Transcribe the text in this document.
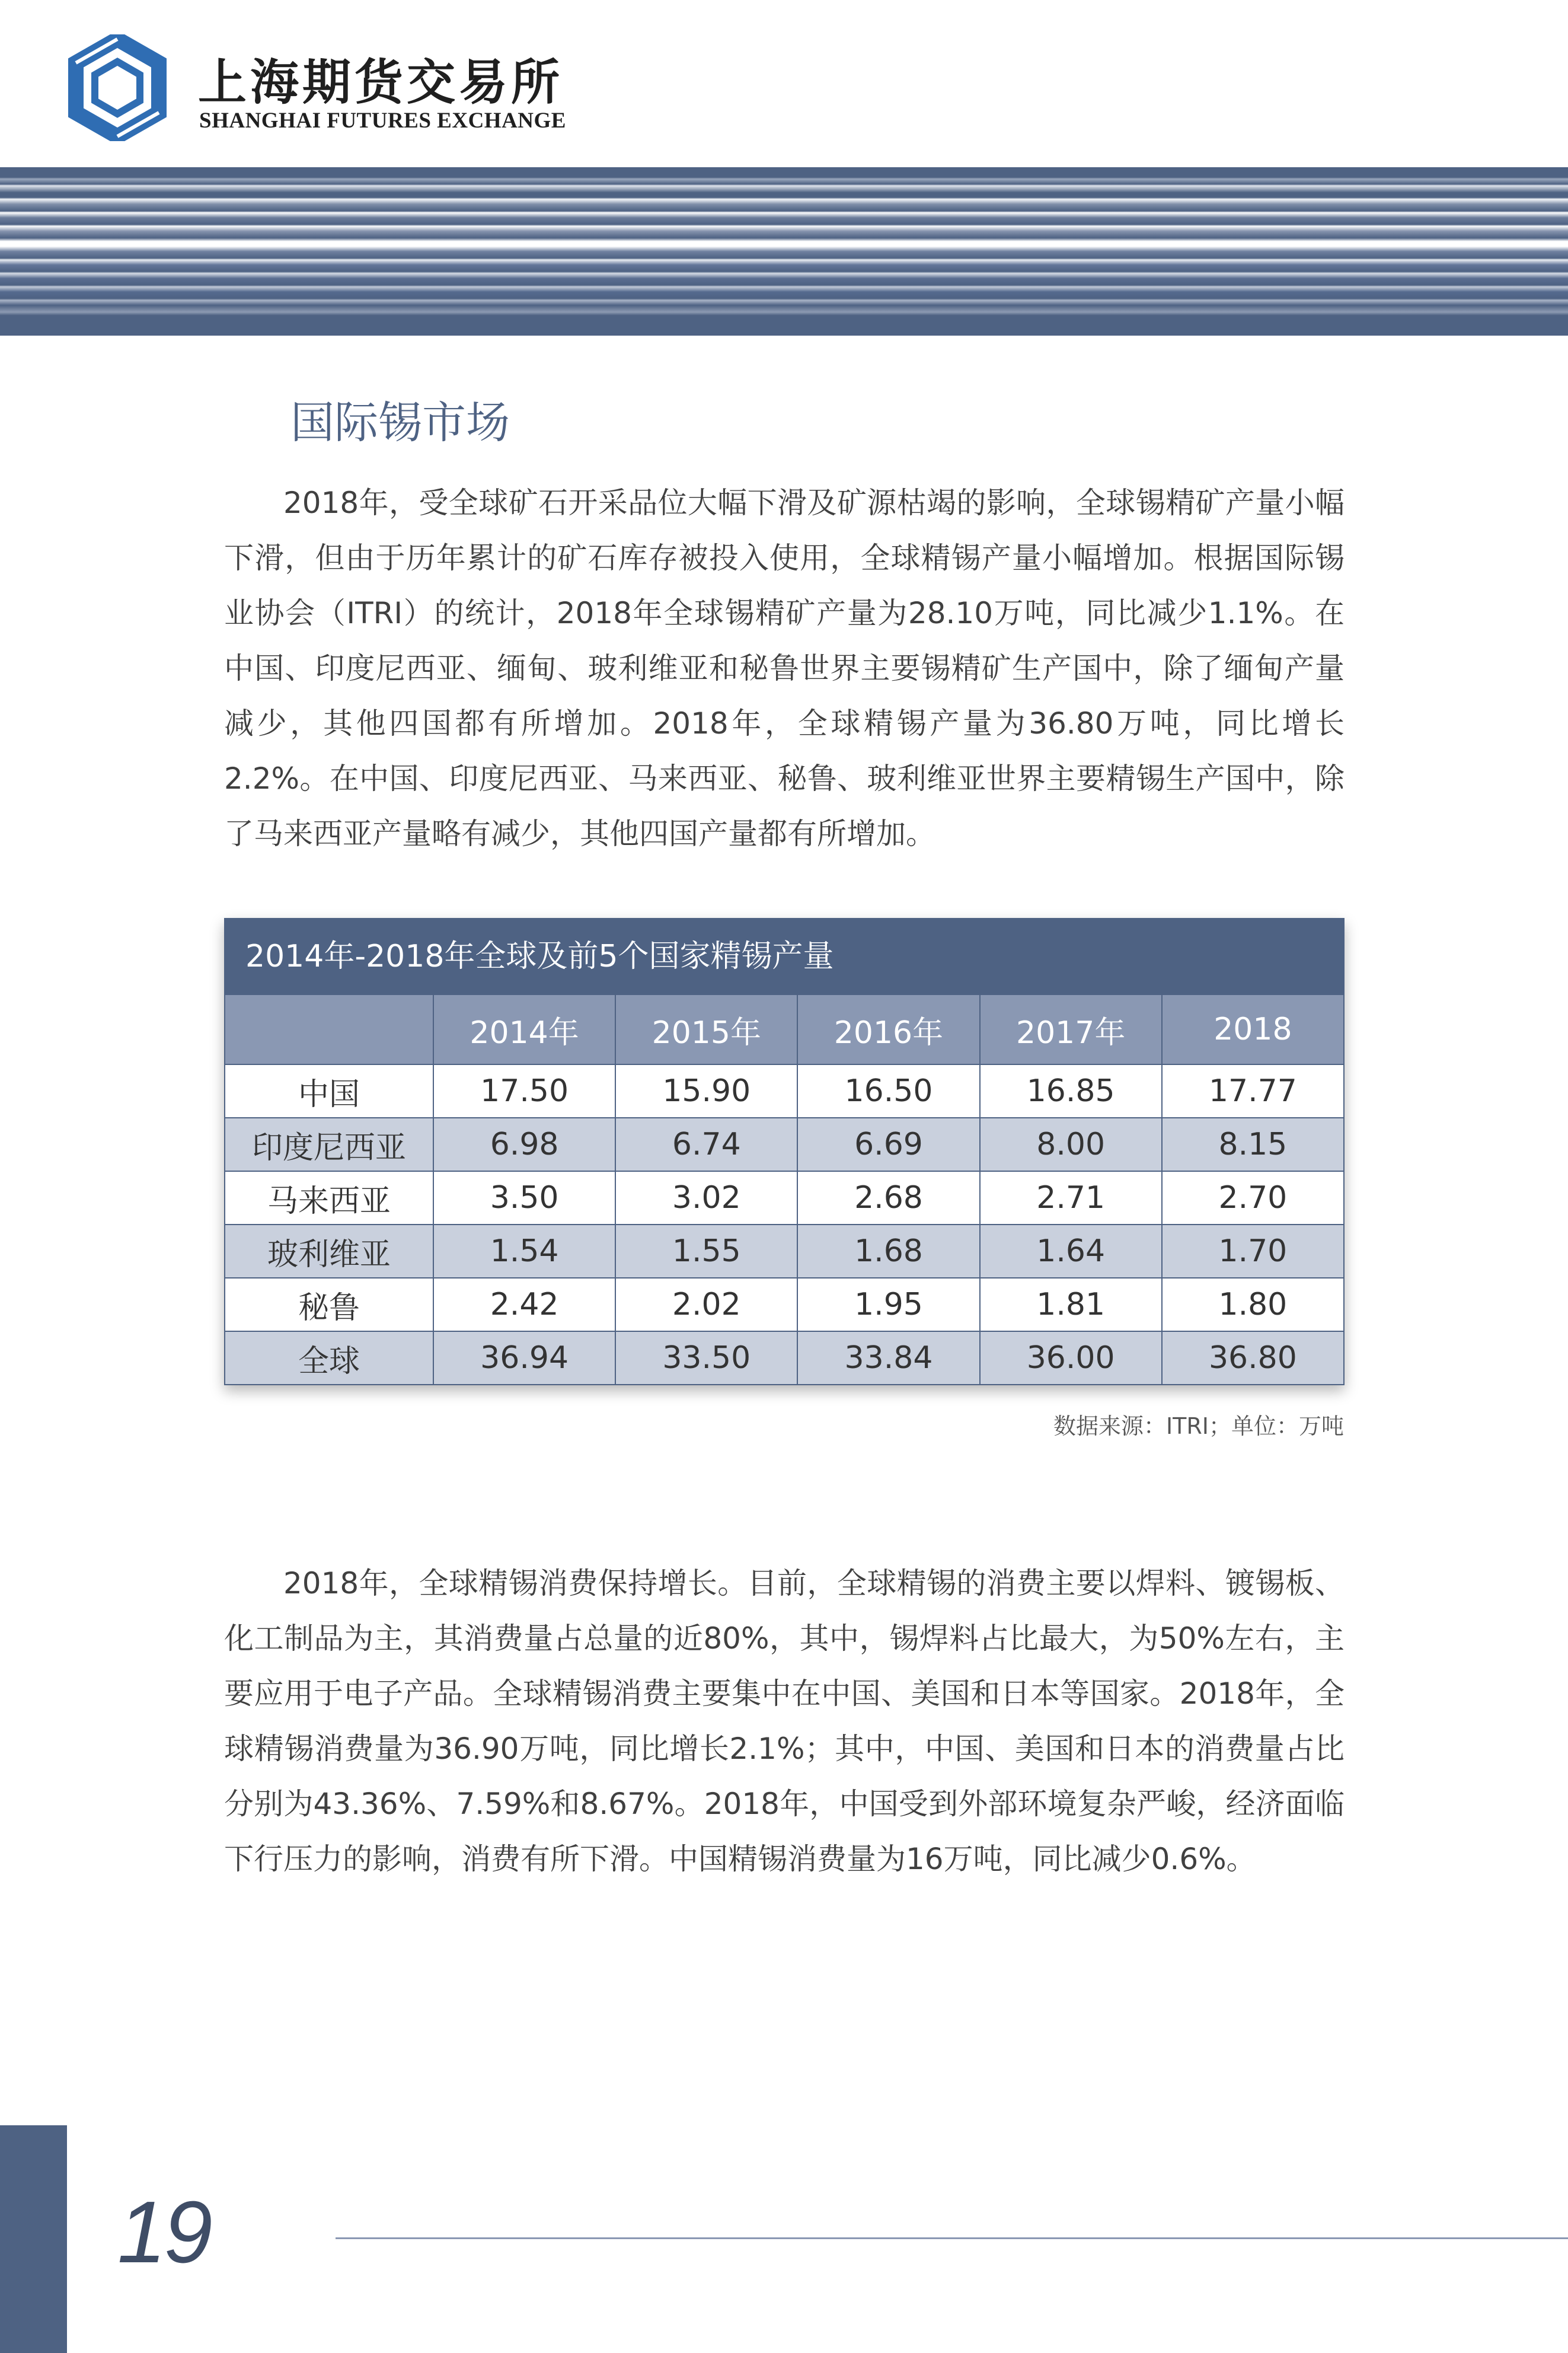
上海期货交易所
SHANGHAI FUTURES EXCHANGE
国际锡市场

2018年，受全球矿石开采品位大幅下滑及矿源枯竭的影响，全球锡精矿产量小幅下滑，但由于历年累计的矿石库存被投入使用，全球精锡产量小幅增加。根据国际锡业协会（ITRI）的统计，2018年全球锡精矿产量为28.10万吨，同比减少1.1%。在中国、印度尼西亚、缅甸、玻利维亚和秘鲁世界主要锡精矿生产国中，除了缅甸产量减少，其他四国都有所增加。2018年，全球精锡产量为36.80万吨，同比增长2.2%。在中国、印度尼西亚、马来西亚、秘鲁、玻利维亚世界主要精锡生产国中，除了马来西亚产量略有减少，其他四国产量都有所增加。

2014年-2018年全球及前5个国家精锡产量
	2014年	2015年	2016年	2017年	2018
中国	17.50	15.90	16.50	16.85	17.77
印度尼西亚	6.98	6.74	6.69	8.00	8.15
马来西亚	3.50	3.02	2.68	2.71	2.70
玻利维亚	1.54	1.55	1.68	1.64	1.70
秘鲁	2.42	2.02	1.95	1.81	1.80
全球	36.94	33.50	33.84	36.00	36.80
数据来源：ITRI；单位：万吨

2018年，全球精锡消费保持增长。目前，全球精锡的消费主要以焊料、镀锡板、化工制品为主，其消费量占总量的近80%，其中，锡焊料占比最大，为50%左右，主要应用于电子产品。全球精锡消费主要集中在中国、美国和日本等国家。2018年，全球精锡消费量为36.90万吨，同比增长2.1%；其中，中国、美国和日本的消费量占比分别为43.36%、7.59%和8.67%。2018年，中国受到外部环境复杂严峻，经济面临下行压力的影响，消费有所下滑。中国精锡消费量为16万吨，同比减少0.6%。

19
